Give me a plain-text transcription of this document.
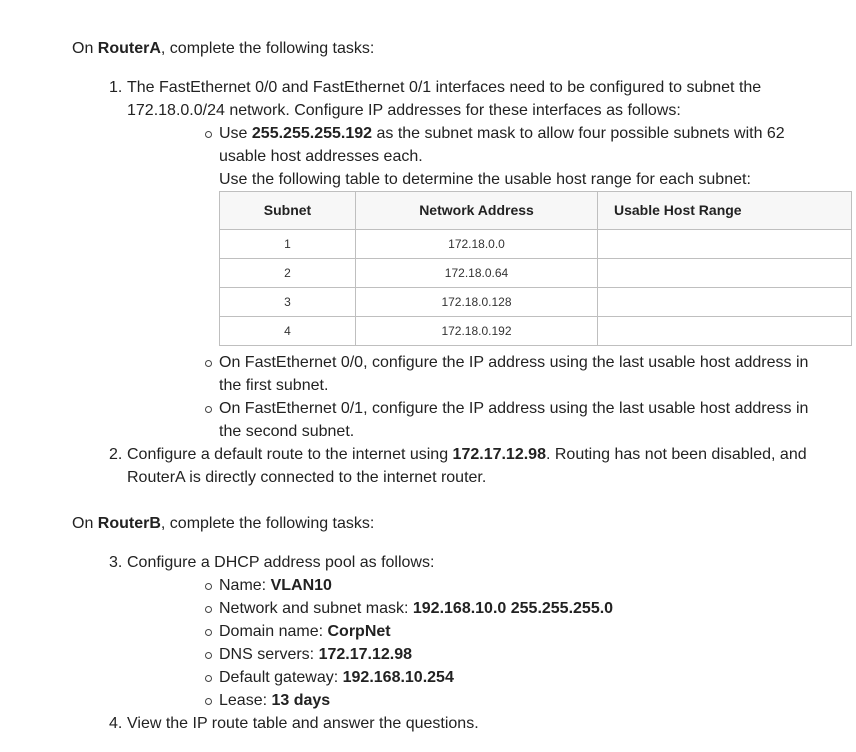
On RouterA, complete the following tasks:
1. The FastEthernet 0/0 and FastEthernet 0/1 interfaces need to be configured to subnet the 172.18.0.0/24 network. Configure IP addresses for these interfaces as follows:
Use 255.255.255.192 as the subnet mask to allow four possible subnets with 62 usable host addresses each.
Use the following table to determine the usable host range for each subnet:
Subnet	Network Address	Usable Host Range
1	172.18.0.0	
2	172.18.0.64	
3	172.18.0.128	
4	172.18.0.192	
On FastEthernet 0/0, configure the IP address using the last usable host address in the first subnet.
On FastEthernet 0/1, configure the IP address using the last usable host address in the second subnet.
2. Configure a default route to the internet using 172.17.12.98. Routing has not been disabled, and RouterA is directly connected to the internet router.
On RouterB, complete the following tasks:
3. Configure a DHCP address pool as follows:
Name: VLAN10
Network and subnet mask: 192.168.10.0 255.255.255.0
Domain name: CorpNet
DNS servers: 172.17.12.98
Default gateway: 192.168.10.254
Lease: 13 days
4. View the IP route table and answer the questions.
